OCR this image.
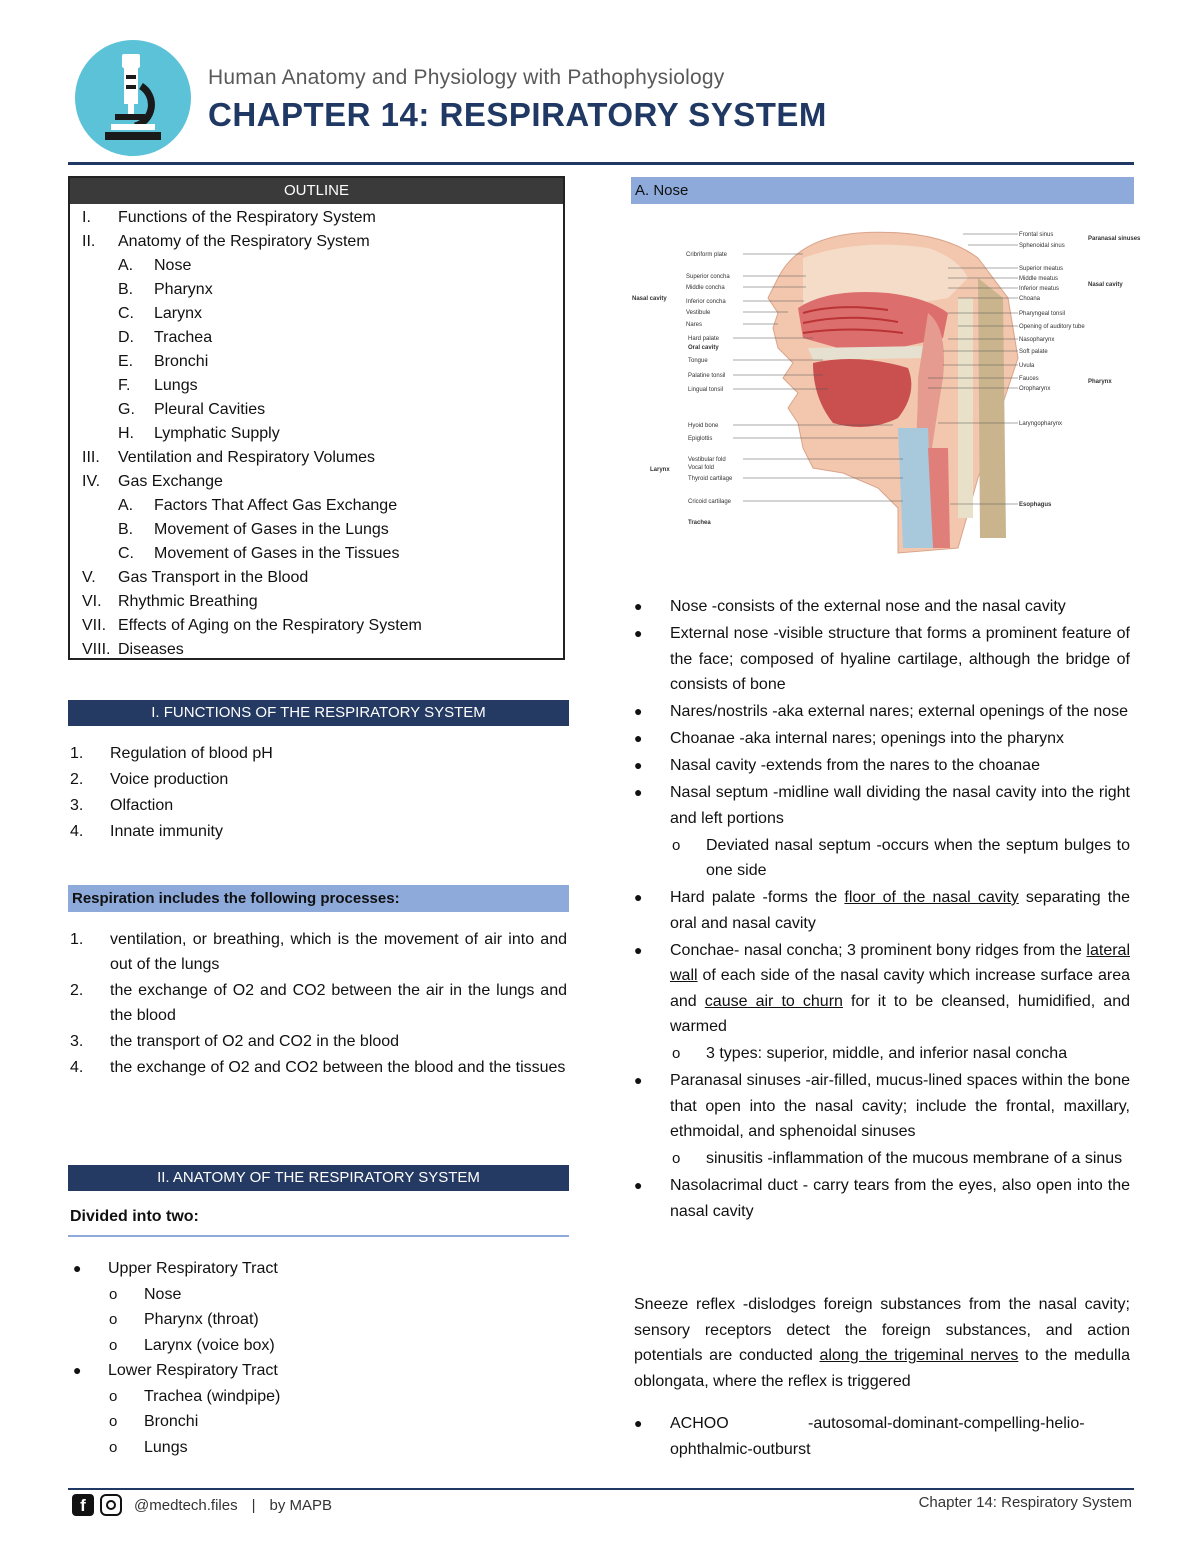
Human Anatomy and Physiology with Pathophysiology
CHAPTER 14: RESPIRATORY SYSTEM
OUTLINE
I. Functions of the Respiratory System
II. Anatomy of the Respiratory System
A. Nose
B. Pharynx
C. Larynx
D. Trachea
E. Bronchi
F. Lungs
G. Pleural Cavities
H. Lymphatic Supply
III. Ventilation and Respiratory Volumes
IV. Gas Exchange
A. Factors That Affect Gas Exchange
B. Movement of Gases in the Lungs
C. Movement of Gases in the Tissues
V. Gas Transport in the Blood
VI. Rhythmic Breathing
VII. Effects of Aging on the Respiratory System
VIII. Diseases
I. FUNCTIONS OF THE RESPIRATORY SYSTEM
1.	Regulation of blood pH
2.	Voice production
3.	Olfaction
4.	Innate immunity
Respiration includes the following processes:
1.	ventilation, or breathing, which is the movement of air into and out of the lungs
2.	the exchange of O2 and CO2 between the air in the lungs and the blood
3.	the transport of O2 and CO2 in the blood
4.	the exchange of O2 and CO2 between the blood and the tissues
II. ANATOMY OF THE RESPIRATORY SYSTEM
Divided into two:
●	Upper Respiratory Tract
o	Nose
o	Pharynx (throat)
o	Larynx (voice box)
●	Lower Respiratory Tract
o	Trachea (windpipe)
o	Bronchi
o	Lungs
A. Nose
Cribriform plate
Superior concha
Middle concha
Nasal cavity	Inferior concha
Vestibule
Nares
Hard palate
Oral cavity
Tongue
Palatine tonsil
Lingual tonsil
Hyoid bone
Epiglottis
Larynx
Vestibular fold
Vocal fold
Thyroid cartilage
Cricoid cartilage
Trachea
Frontal sinus
Sphenoidal sinus
Paranasal sinuses
Superior meatus
Middle meatus
Inferior meatus
Choana
Nasal cavity
Pharyngeal tonsil
Opening of auditory tube
Nasopharynx
Soft palate
Uvula
Fauces
Oropharynx
Pharynx
Laryngopharynx
Esophagus
●	Nose -consists of the external nose and the nasal cavity
●	External nose -visible structure that forms a prominent feature of the face; composed of hyaline cartilage, although the bridge of consists of bone
●	Nares/nostrils -aka external nares; external openings of the nose
●	Choanae -aka internal nares; openings into the pharynx
●	Nasal cavity -extends from the nares to the choanae
●	Nasal septum -midline wall dividing the nasal cavity into the right and left portions
o	Deviated nasal septum -occurs when the septum bulges to one side
●	Hard palate -forms the floor of the nasal cavity separating the oral and nasal cavity
●	Conchae- nasal concha; 3 prominent bony ridges from the lateral wall of each side of the nasal cavity which increase surface area and cause air to churn for it to be cleansed, humidified, and warmed
o	3 types: superior, middle, and inferior nasal concha
●	Paranasal sinuses -air-filled, mucus-lined spaces within the bone that open into the nasal cavity; include the frontal, maxillary, ethmoidal, and sphenoidal sinuses
o	sinusitis -inflammation of the mucous membrane of a sinus
●	Nasolacrimal duct - carry tears from the eyes, also open into the nasal cavity
Sneeze reflex -dislodges foreign substances from the nasal cavity; sensory receptors detect the foreign substances, and action potentials are conducted along the trigeminal nerves to the medulla oblongata, where the reflex is triggered
●	ACHOO	-autosomal-dominant-compelling-helio-ophthalmic-outburst
f	@medtech.files | by MAPB	Chapter 14: Respiratory System
